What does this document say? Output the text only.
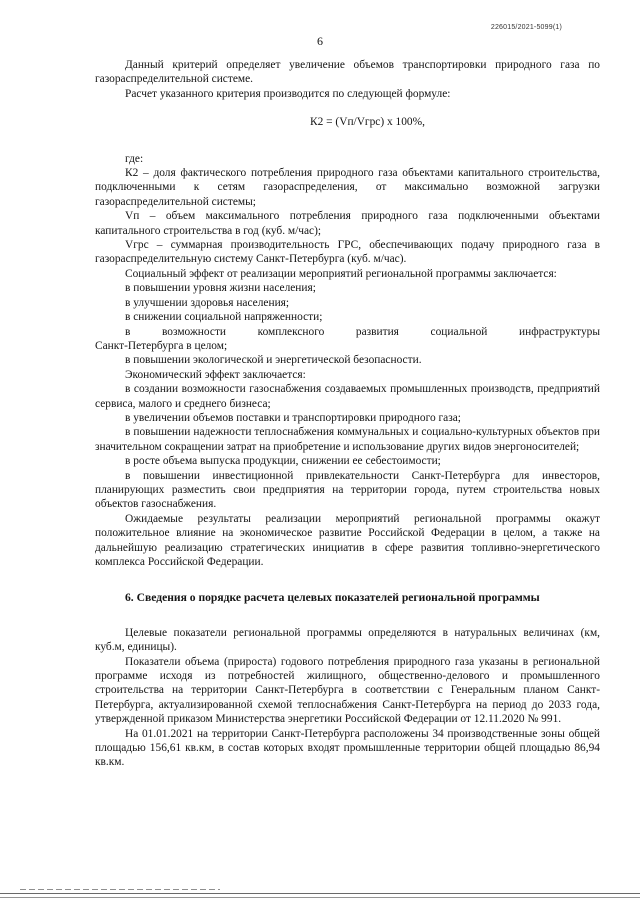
226015/2021-5099(1)
6

Данный критерий определяет увеличение объемов транспортировки природного газа по газораспределительной системе.

Расчет указанного критерия производится по следующей формуле:

К2 = (Vп/Vгрс) х 100%,

где:

К2 – доля фактического потребления природного газа объектами капитального строительства, подключенными к сетям газораспределения, от максимально возможной загрузки газораспределительной системы;

Vп – объем максимального потребления природного газа подключенными объектами капитального строительства в год (куб. м/час);

Vгрс – суммарная производительность ГРС, обеспечивающих подачу природного газа в газораспределительную систему Санкт-Петербурга (куб. м/час).

Социальный эффект от реализации мероприятий региональной программы заключается:

в повышении уровня жизни населения;

в улучшении здоровья населения;

в снижении социальной напряженности;

в возможности комплексного развития социальной инфраструктуры

Санкт-Петербурга в целом;

в повышении экологической и энергетической безопасности.

Экономический эффект заключается:

в создании возможности газоснабжения создаваемых промышленных производств, предприятий сервиса, малого и среднего бизнеса;

в увеличении объемов поставки и транспортировки природного газа;

в повышении надежности теплоснабжения коммунальных и социально-культурных объектов при значительном сокращении затрат на приобретение и использование других видов энергоносителей;

в росте объема выпуска продукции, снижении ее себестоимости;

в повышении инвестиционной привлекательности Санкт-Петербурга для инвесторов, планирующих разместить свои предприятия на территории города, путем строительства новых объектов газоснабжения.

Ожидаемые результаты реализации мероприятий региональной программы окажут положительное влияние на экономическое развитие Российской Федерации в целом, а также на дальнейшую реализацию стратегических инициатив в сфере развития топливно-энергетического комплекса Российской Федерации.

6. Сведения о порядке расчета целевых показателей региональной программы

Целевые показатели региональной программы определяются в натуральных величинах (км, куб.м, единицы).

Показатели объема (прироста) годового потребления природного газа указаны в региональной программе исходя из потребностей жилищного, общественно-делового и промышленного строительства на территории Санкт-Петербурга в соответствии с Генеральным планом Санкт-Петербурга, актуализированной схемой теплоснабжения Санкт-Петербурга на период до 2033 года, утвержденной приказом Министерства энергетики Российской Федерации от 12.11.2020 № 991.

На 01.01.2021 на территории Санкт-Петербурга расположены 34 производственные зоны общей площадью 156,61 кв.км, в состав которых входят промышленные территории общей площадью 86,94 кв.км.
